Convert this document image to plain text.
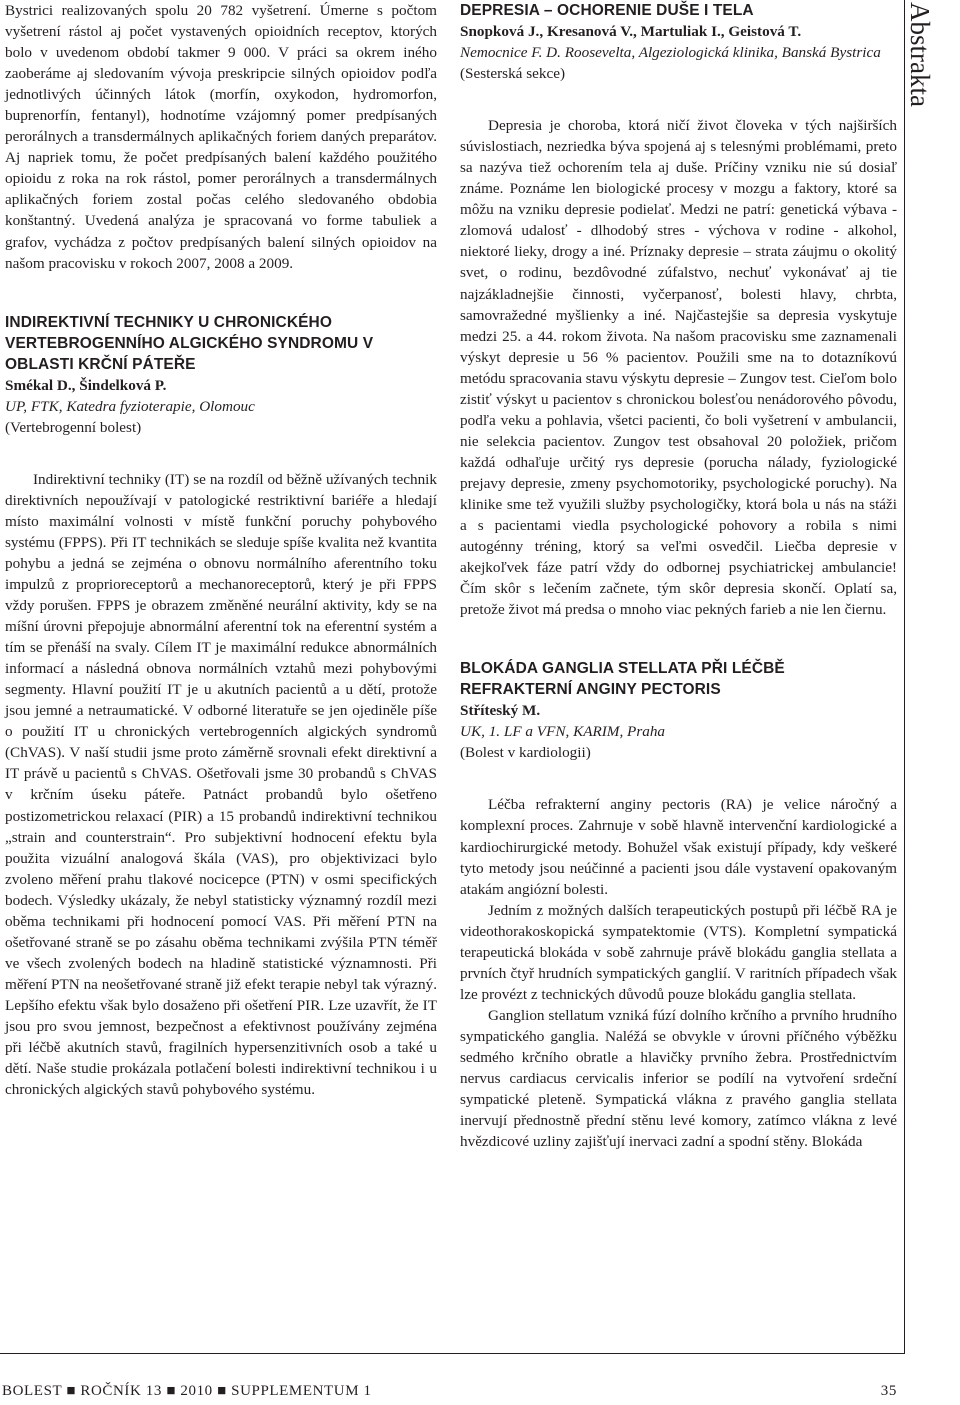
Bystrici realizovaných spolu 20 782 vyšetrení. Úmerne s počtom vyšetrení rástol aj počet vystavených opioidních receptov, ktorých bolo v uvedenom období takmer 9 000. V práci sa okrem iného zaoberáme aj sledovaním vývoja preskripcie silných opioidov podľa jednotlivých účinných látok (morfín, oxykodon, hydromorfon, buprenorfín, fentanyl), hodnotíme vzájomný pomer predpísaných perorálnych a transdermálnych aplikačných foriem daných preparátov. Aj napriek tomu, že počet predpísaných balení každého použitého opioidu z roka na rok rástol, pomer perorálnych a transdermálnych aplikačných foriem zostal počas celého sledovaného obdobia konštantný. Uvedená analýza je spracovaná vo forme tabuliek a grafov, vychádza z počtov predpísaných balení silných opioidov na našom pracovisku v rokoch 2007, 2008 a 2009.

INDIREKTIVNÍ TECHNIKY U CHRONICKÉHO VERTEBROGENNÍHO ALGICKÉHO SYNDROMU V OBLASTI KRČNÍ PÁTEŘE
Smékal D., Šindelková P.
UP, FTK, Katedra fyzioterapie, Olomouc
(Vertebrogenní bolest)

Indirektivní techniky (IT) se na rozdíl od běžně užívaných technik direktivních nepoužívají v patologické restriktivní bariéře a hledají místo maximální volnosti v místě funkční poruchy pohybového systému (FPPS). Při IT technikách se sleduje spíše kvalita než kvantita pohybu a jedná se zejména o obnovu normálního aferentního toku impulzů z proprioreceptorů a mechanoreceptorů, který je při FPPS vždy porušen. FPPS je obrazem změněné neurální aktivity, kdy se na míšní úrovni přepojuje abnormální aferentní tok na eferentní systém a tím se přenáší na svaly. Cílem IT je maximální redukce abnormálních informací a následná obnova normálních vztahů mezi pohybovými segmenty. Hlavní použití IT je u akutních pacientů a u dětí, protože jsou jemné a netraumatické. V odborné literatuře se jen ojediněle píše o použití IT u chronických vertebrogenních algických syndromů (ChVAS). V naší studii jsme proto záměrně srovnali efekt direktivní a IT právě u pacientů s ChVAS. Ošetřovali jsme 30 probandů s ChVAS v krčním úseku páteře. Patnáct probandů bylo ošetřeno postizometrickou relaxací (PIR) a 15 probandů indirektivní technikou „strain and counterstrain“. Pro subjektivní hodnocení efektu byla použita vizuální analogová škála (VAS), pro objektivizaci bylo zvoleno měření prahu tlakové nocicepce (PTN) v osmi specifických bodech. Výsledky ukázaly, že nebyl statisticky významný rozdíl mezi oběma technikami při hodnocení pomocí VAS. Při měření PTN na ošetřované straně se po zásahu oběma technikami zvýšila PTN téměř ve všech zvolených bodech na hladině statistické významnosti. Při měření PTN na neošetřované straně již efekt terapie nebyl tak výrazný. Lepšího efektu však bylo dosaženo při ošetření PIR. Lze uzavřít, že IT jsou pro svou jemnost, bezpečnost a efektivnost používány zejména při léčbě akutních stavů, fragilních hypersenzitivních osob a také u dětí. Naše studie prokázala potlačení bolesti indirektivní technikou i u chronických algických stavů pohybového systému.

DEPRESIA – OCHORENIE DUŠE I TELA
Snopková J., Kresanová V., Martuliak I., Geistová T.
Nemocnice F. D. Roosevelta, Algeziologická klinika, Banská Bystrica
(Sesterská sekce)

Depresia je choroba, ktorá ničí život človeka v tých najširších súvislostiach, nezriedka býva spojená aj s telesnými problémami, preto sa nazýva tiež ochorením tela aj duše. Príčiny vzniku nie sú dosiaľ známe. Poznáme len biologické procesy v mozgu a faktory, ktoré sa môžu na vzniku depresie podielať. Medzi ne patrí: genetická výbava - zlomová udalosť - dlhodobý stres - výchova v rodine - alkohol, niektoré lieky, drogy a iné. Príznaky depresie – strata záujmu o okolitý svet, o rodinu, bezdôvodné zúfalstvo, nechuť vykonávať aj tie najzákladnejšie činnosti, vyčerpanosť, bolesti hlavy, chrbta, samovražedné myšlienky a iné. Najčastejšie sa depresia vyskytuje medzi 25. a 44. rokom života. Na našom pracovisku sme zaznamenali výskyt depresie u 56 % pacientov. Použili sme na to dotazníkovú metódu spracovania stavu výskytu depresie – Zungov test. Cieľom bolo zistiť výskyt u pacientov s chronickou bolesťou nenádorového pôvodu, podľa veku a pohlavia, všetci pacienti, čo boli vyšetrení v ambulancii, nie selekcia pacientov. Zungov test obsahoval 20 položiek, pričom každá odhaľuje určitý rys depresie (porucha nálady, fyziologické prejavy depresie, zmeny psychomotoriky, psychologické poruchy). Na klinike sme tež využili služby psychologičky, ktorá bola u nás na stáži a s pacientami viedla psychologické pohovory a robila s nimi autogénny tréning, ktorý sa veľmi osvedčil. Liečba depresie v akejkoľvek fáze patrí vždy do odbornej psychiatrickej ambulancie! Čím skôr s lečením začnete, tým skôr depresia skončí. Oplatí sa, pretože život má predsa o mnoho viac pekných farieb a nie len čiernu.

BLOKÁDA GANGLIA STELLATA PŘI LÉČBĚ REFRAKTERNÍ ANGINY PECTORIS
Stříteský M.
UK, 1. LF a VFN, KARIM, Praha
(Bolest v kardiologii)

Léčba refrakterní anginy pectoris (RA) je velice náročný a komplexní proces. Zahrnuje v sobě hlavně intervenční kardiologické a kardiochirurgické metody. Bohužel však existují případy, kdy veškeré tyto metody jsou neúčinné a pacienti jsou dále vystavení opakovaným atakám angiózní bolesti.

Jedním z možných dalších terapeutických postupů při léčbě RA je videothorakoskopická sympatektomie (VTS). Kompletní sympatická terapeutická blokáda v sobě zahrnuje právě blokádu ganglia stellata a prvních čtyř hrudních sympatických ganglií. V raritních případech však lze provézt z technických důvodů pouze blokádu ganglia stellata.

Ganglion stellatum vzniká fúzí dolního krčního a prvního hrudního sympatického ganglia. Naléžá se obvykle v úrovni příčného výběžku sedmého krčního obratle a hlavičky prvního žebra. Prostřednictvím nervus cardiacus cervicalis inferior se podílí na vytvoření srdeční sympatické pleteně. Sympatická vlákna z pravého ganglia stellata inervují přednostně přední stěnu levé komory, zatímco vlákna z levé hvězdicové uzliny zajišťují inervaci zadní a spodní stěny. Blokáda

Abstrakta
BOLEST ■ ROČNÍK 13 ■ 2010 ■ SUPPLEMENTUM 1	35
